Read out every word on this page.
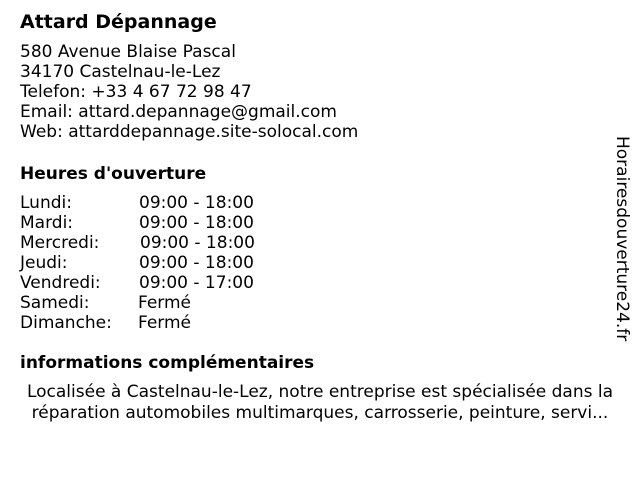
Attard Dépannage
580 Avenue Blaise Pascal
34170 Castelnau-le-Lez
Telefon: +33 4 67 72 98 47
Email: attard.depannage@gmail.com
Web: attarddepannage.site-solocal.com
Heures d'ouverture
Lundi:	09:00 - 18:00
Mardi:	09:00 - 18:00
Mercredi: 09:00 - 18:00
Jeudi:	09:00 - 18:00
Vendredi: 09:00 - 17:00
Samedi:	Fermé
Dimanche: Fermé
informations complémentaires
Localisée à Castelnau-le-Lez, notre entreprise est spécialisée dans la
réparation automobiles multimarques, carrosserie, peinture, servi...
Horairesdouverture24.fr
